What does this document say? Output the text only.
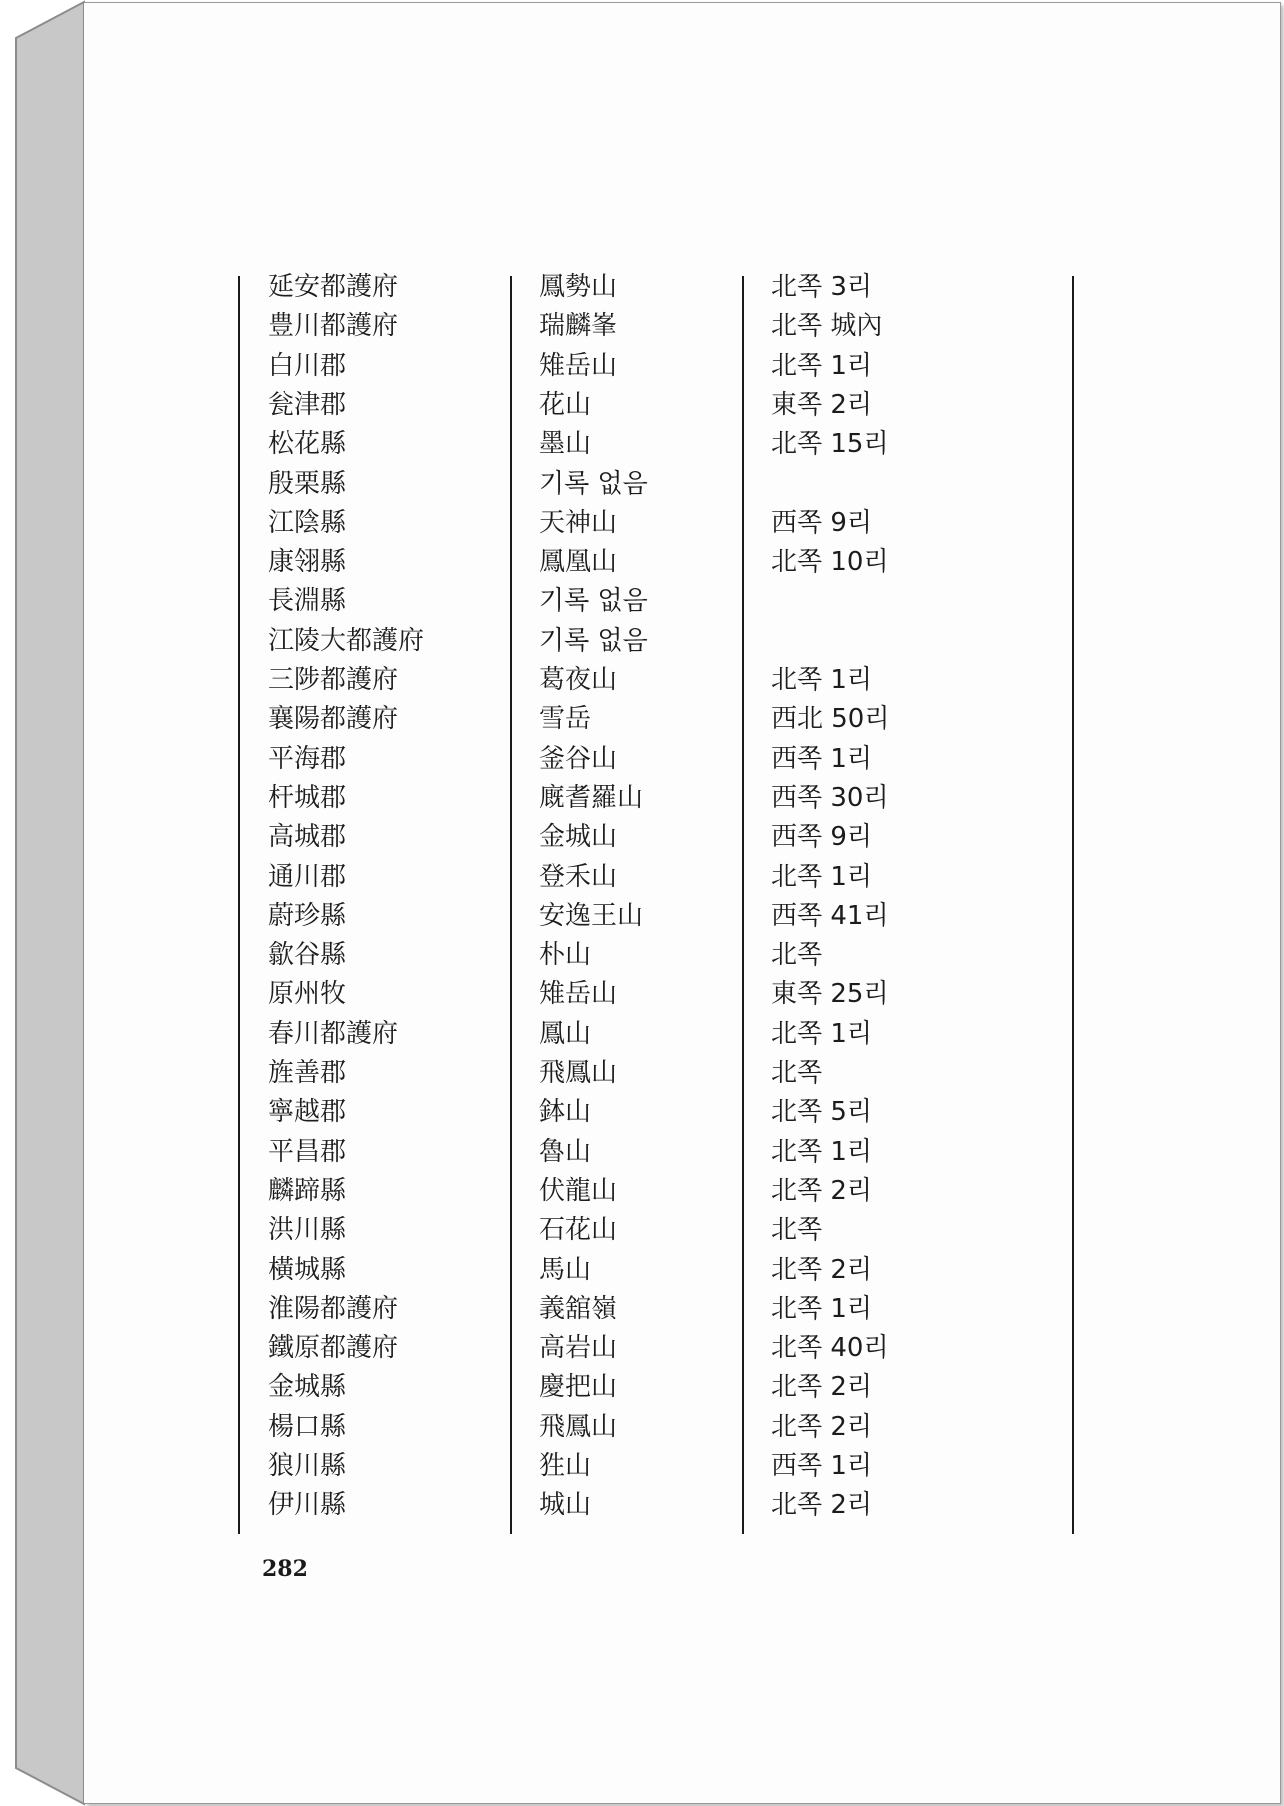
延安都護府	鳳勢山	北쪽 3리
豊川都護府	瑞麟峯	北쪽 城內
白川郡	雉岳山	北쪽 1리
瓮津郡	花山	東쪽 2리
松花縣	墨山	北쪽 15리
殷栗縣	기록 없음
江陰縣	天神山	西쪽 9리
康翎縣	鳳凰山	北쪽 10리
長淵縣	기록 없음
江陵大都護府	기록 없음
三陟都護府	葛夜山	北쪽 1리
襄陽都護府	雪岳	西北 50리
平海郡	釜谷山	西쪽 1리
杆城郡	廐耆羅山	西쪽 30리
高城郡	金城山	西쪽 9리
通川郡	登禾山	北쪽 1리
蔚珍縣	安逸王山	西쪽 41리
歙谷縣	朴山	北쪽
原州牧	雉岳山	東쪽 25리
春川都護府	鳳山	北쪽 1리
旌善郡	飛鳳山	北쪽
寧越郡	鉢山	北쪽 5리
平昌郡	魯山	北쪽 1리
麟蹄縣	伏龍山	北쪽 2리
洪川縣	石花山	北쪽
橫城縣	馬山	北쪽 2리
淮陽都護府	義舘嶺	北쪽 1리
鐵原都護府	高岩山	北쪽 40리
金城縣	慶把山	北쪽 2리
楊口縣	飛鳳山	北쪽 2리
狼川縣	狌山	西쪽 1리
伊川縣	城山	北쪽 2리
282
